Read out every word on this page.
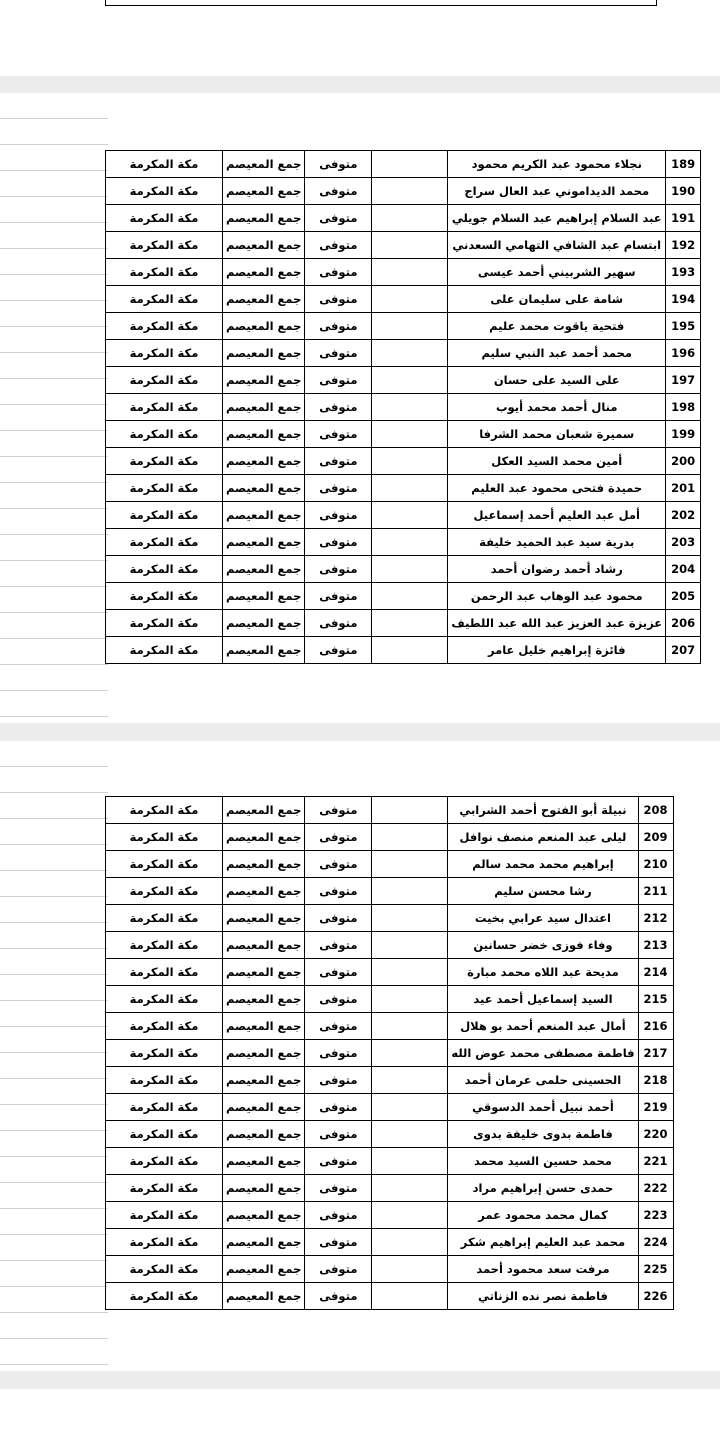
مكة المكرمة	جمع المعيصم	متوفى		نجلاء محمود عبد الكريم محمود	189
مكة المكرمة	جمع المعيصم	متوفى		محمد الديداموني عبد العال سراج	190
مكة المكرمة	جمع المعيصم	متوفى		عبد السلام إبراهيم عبد السلام جويلي	191
مكة المكرمة	جمع المعيصم	متوفى		ابتسام عبد الشافي التهامي السعدني	192
مكة المكرمة	جمع المعيصم	متوفى		سهير الشربيني أحمد عيسى	193
مكة المكرمة	جمع المعيصم	متوفى		شامة على سليمان على	194
مكة المكرمة	جمع المعيصم	متوفى		فتحية ياقوت محمد عليم	195
مكة المكرمة	جمع المعيصم	متوفى		محمد أحمد عبد النبي سليم	196
مكة المكرمة	جمع المعيصم	متوفى		على السيد على حسان	197
مكة المكرمة	جمع المعيصم	متوفى		منال أحمد محمد أيوب	198
مكة المكرمة	جمع المعيصم	متوفى		سميرة شعبان محمد الشرفا	199
مكة المكرمة	جمع المعيصم	متوفى		أمين محمد السيد العكل	200
مكة المكرمة	جمع المعيصم	متوفى		حميدة فتحى محمود عبد العليم	201
مكة المكرمة	جمع المعيصم	متوفى		أمل عبد العليم أحمد إسماعيل	202
مكة المكرمة	جمع المعيصم	متوفى		بدرية سيد عبد الحميد خليفة	203
مكة المكرمة	جمع المعيصم	متوفى		رشاد أحمد رضوان أحمد	204
مكة المكرمة	جمع المعيصم	متوفى		محمود عبد الوهاب عبد الرحمن	205
مكة المكرمة	جمع المعيصم	متوفى		عزيزة عبد العزيز عبد الله عبد اللطيف	206
مكة المكرمة	جمع المعيصم	متوفى		فائزة إبراهيم خليل عامر	207
مكة المكرمة	جمع المعيصم	متوفى		نبيلة أبو الفتوح أحمد الشرابي	208
مكة المكرمة	جمع المعيصم	متوفى		ليلى عبد المنعم منصف نوافل	209
مكة المكرمة	جمع المعيصم	متوفى		إبراهيم محمد محمد سالم	210
مكة المكرمة	جمع المعيصم	متوفى		رشا محسن سليم	211
مكة المكرمة	جمع المعيصم	متوفى		اعتدال سيد عرابي بخيت	212
مكة المكرمة	جمع المعيصم	متوفى		وفاء فوزى خضر حسانين	213
مكة المكرمة	جمع المعيصم	متوفى		مديحة عبد اللاه محمد مبارة	214
مكة المكرمة	جمع المعيصم	متوفى		السيد إسماعيل أحمد عيد	215
مكة المكرمة	جمع المعيصم	متوفى		أمال عبد المنعم أحمد بو هلال	216
مكة المكرمة	جمع المعيصم	متوفى		فاطمة مصطفى محمد عوض الله	217
مكة المكرمة	جمع المعيصم	متوفى		الحسينى حلمى عرمان أحمد	218
مكة المكرمة	جمع المعيصم	متوفى		أحمد نبيل أحمد الدسوقي	219
مكة المكرمة	جمع المعيصم	متوفى		فاطمة بدوى خليفة بدوى	220
مكة المكرمة	جمع المعيصم	متوفى		محمد حسين السيد محمد	221
مكة المكرمة	جمع المعيصم	متوفى		حمدى حسن إبراهيم مراد	222
مكة المكرمة	جمع المعيصم	متوفى		كمال محمد محمود عمر	223
مكة المكرمة	جمع المعيصم	متوفى		محمد عبد العليم إبراهيم شكر	224
مكة المكرمة	جمع المعيصم	متوفى		مرفت سعد محمود أحمد	225
مكة المكرمة	جمع المعيصم	متوفى		فاطمة نصر نده الزناتي	226
